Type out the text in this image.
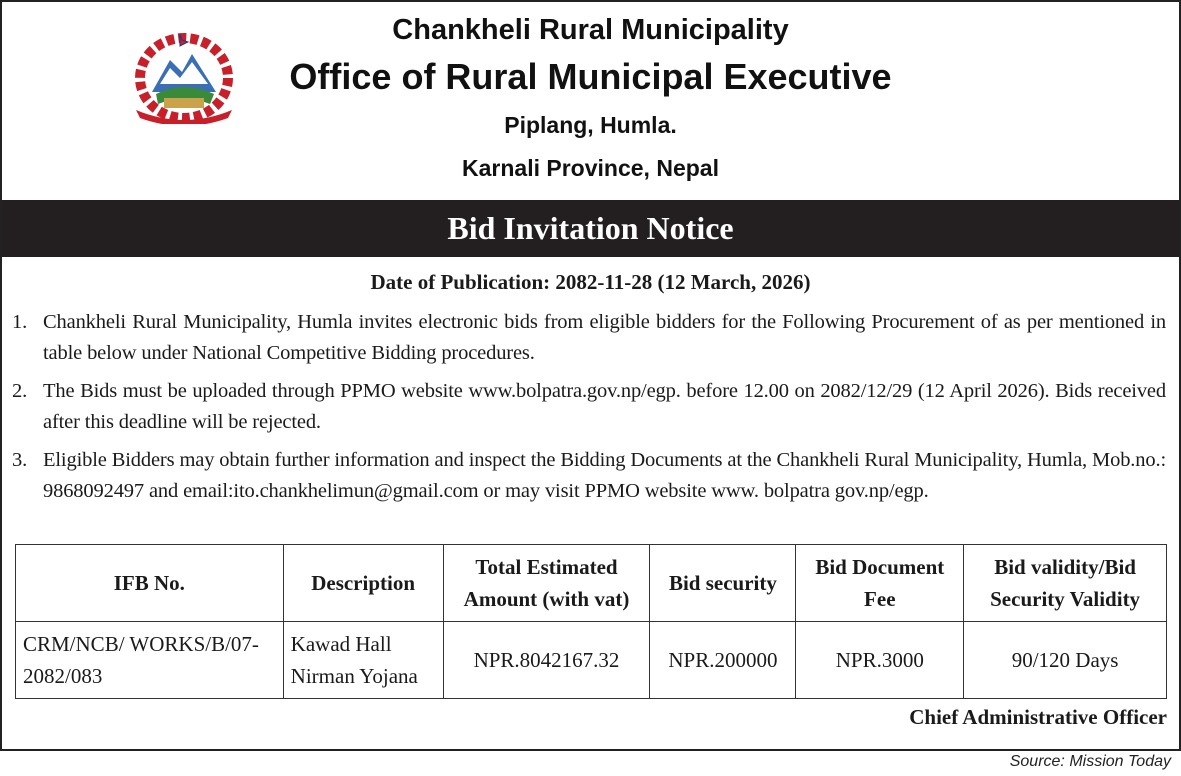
Chankheli Rural Municipality
Office of Rural Municipal Executive
Piplang, Humla.
Karnali Province, Nepal
Bid Invitation Notice
Date of Publication: 2082-11-28 (12 March, 2026)
1. Chankheli Rural Municipality, Humla invites electronic bids from eligible bidders for the Following Procurement of as per mentioned in table below under National Competitive Bidding procedures.
2. The Bids must be uploaded through PPMO website www.bolpatra.gov.np/egp. before 12.00 on 2082/12/29 (12 April 2026). Bids received after this deadline will be rejected.
3. Eligible Bidders may obtain further information and inspect the Bidding Documents at the Chankheli Rural Municipality, Humla, Mob.no.: 9868092497 and email:ito.chankhelimun@gmail.com or may visit PPMO website www. bolpatra gov.np/egp.
IFB No.	Description	Total Estimated Amount (with vat)	Bid security	Bid Document Fee	Bid validity/Bid Security Validity
CRM/NCB/ WORKS/B/07-2082/083	Kawad Hall Nirman Yojana	NPR.8042167.32	NPR.200000	NPR.3000	90/120 Days
Chief Administrative Officer
Source: Mission Today
